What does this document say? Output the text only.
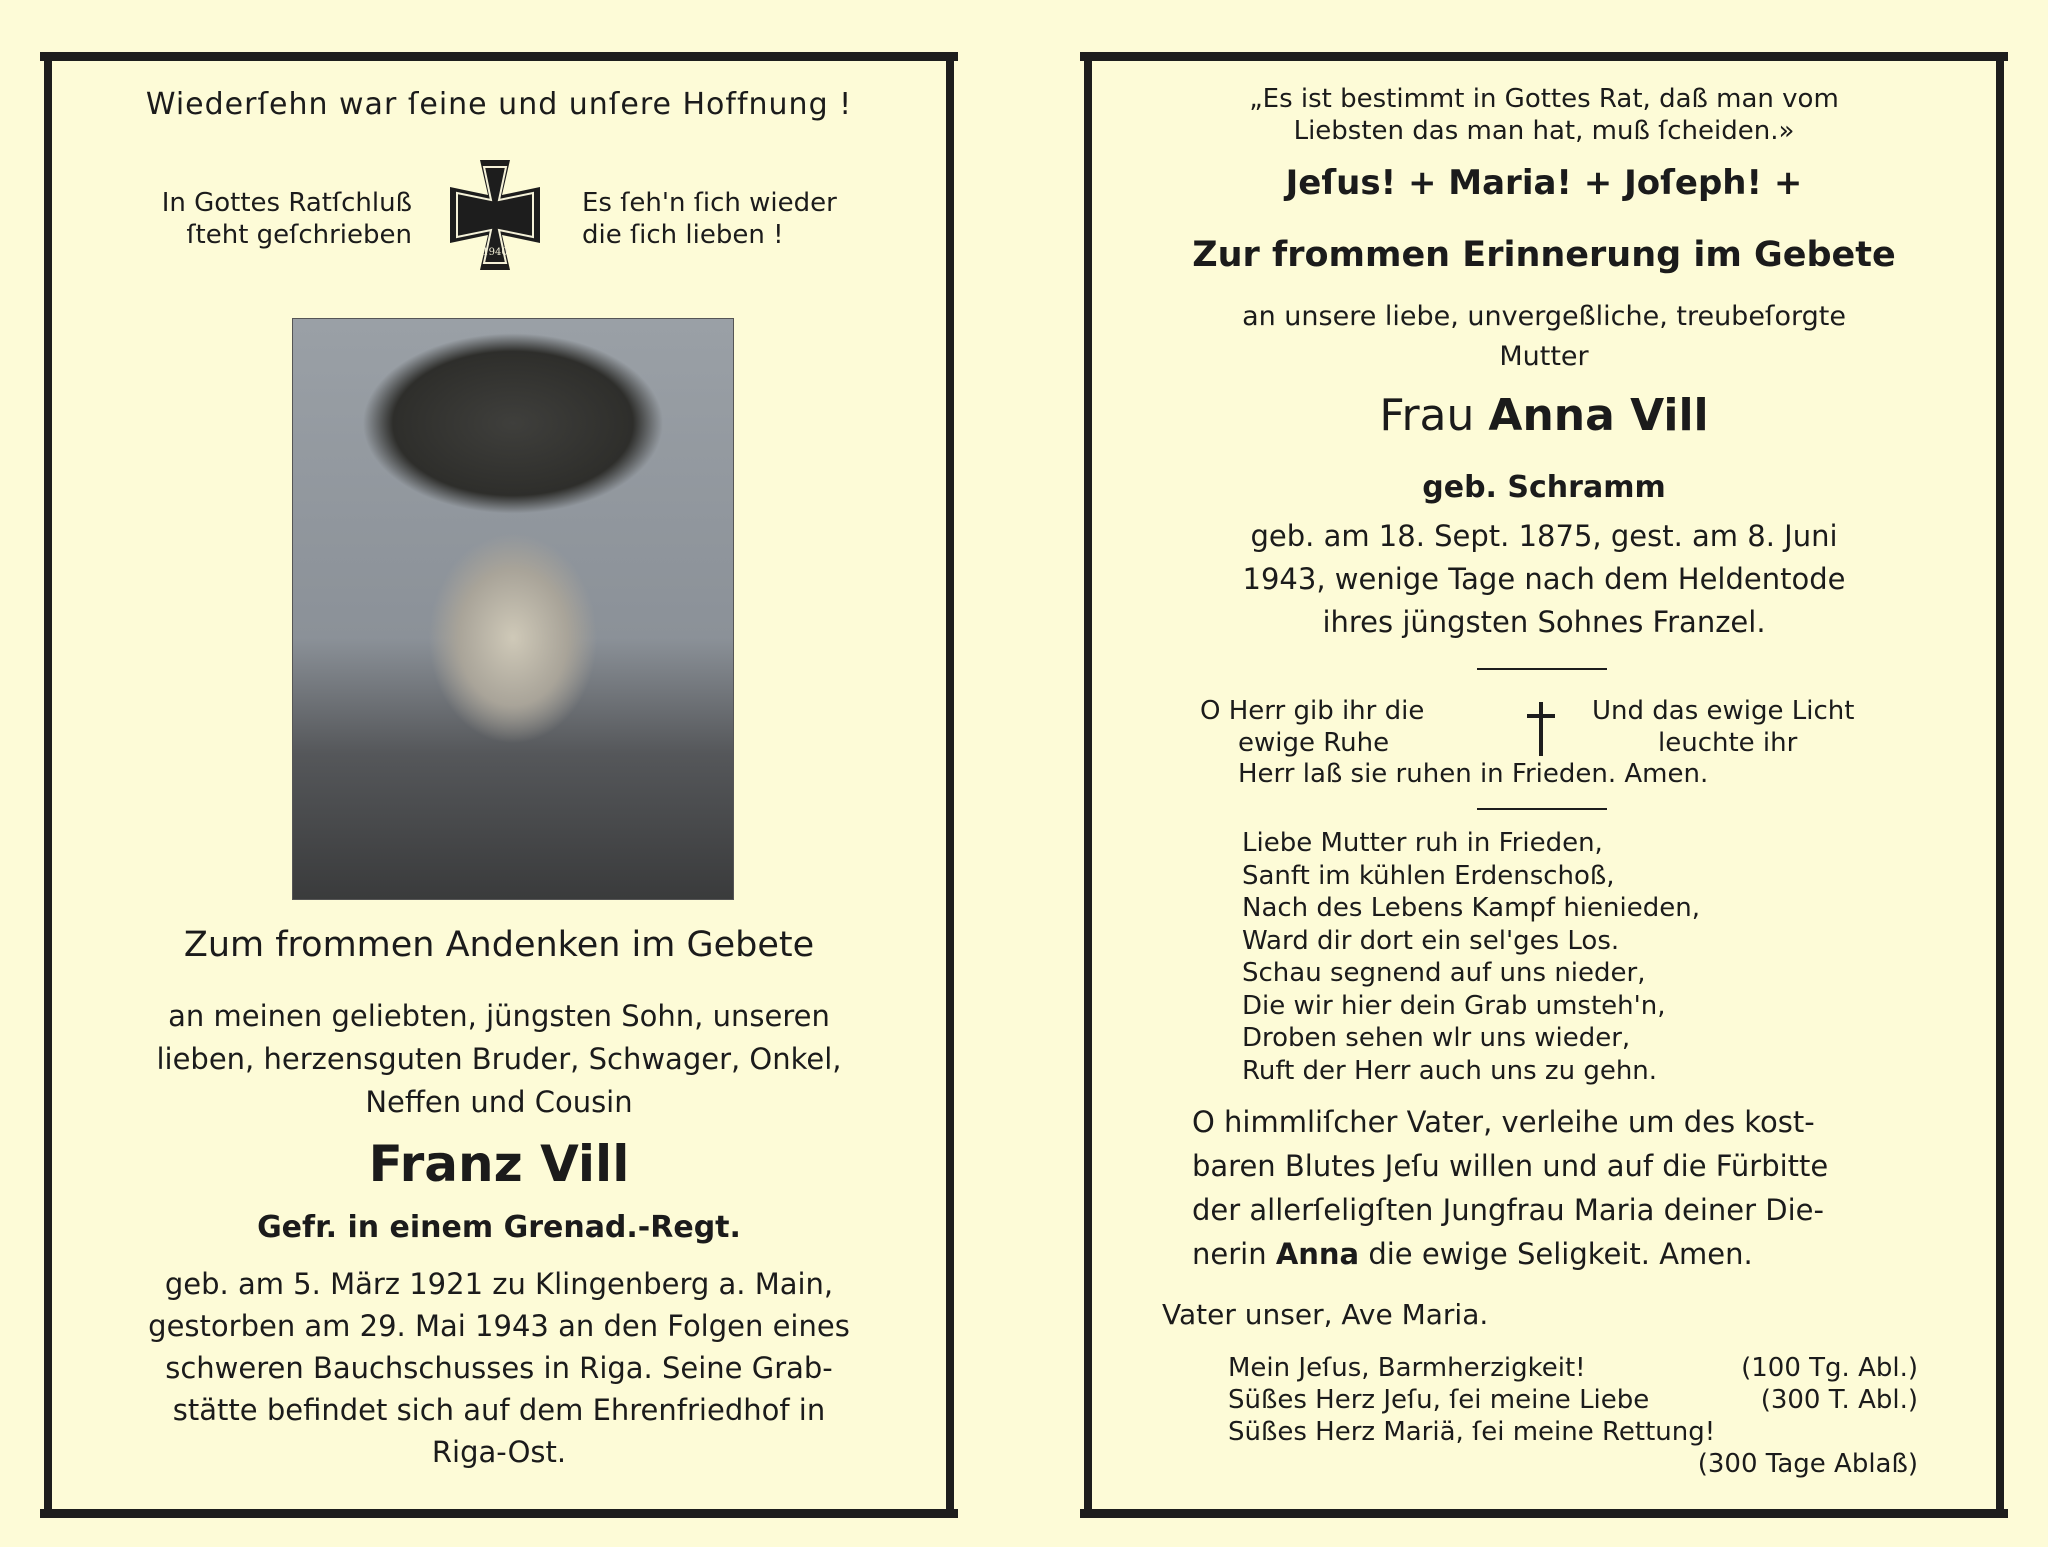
Wiederſehn war ſeine und unſere Hoffnung !
In Gottes Ratſchluß
ſteht geſchrieben
1940
Es ſeh'n ſich wieder
die ſich lieben !
Zum frommen Andenken im Gebete
an meinen geliebten, jüngsten Sohn, unseren
lieben, herzensguten Bruder, Schwager, Onkel,
Neffen und Cousin
Franz Vill
Gefr. in einem Grenad.-Regt.
geb. am 5. März 1921 zu Klingenberg a. Main,
gestorben am 29. Mai 1943 an den Folgen eines
schweren Bauchschusses in Riga. Seine Grab-
stätte befindet sich auf dem Ehrenfriedhof in
Riga-Ost.
„Es ist bestimmt in Gottes Rat, daß man vom
Liebsten das man hat, muß ſcheiden.»
Jeſus! + Maria! + Joſeph! +
Zur frommen Erinnerung im Gebete
an unsere liebe, unvergeßliche, treubeſorgte
Mutter
Frau Anna Vill
geb. Schramm
geb. am 18. Sept. 1875, gest. am 8. Juni
1943, wenige Tage nach dem Heldentode
ihres jüngsten Sohnes Franzel.
O Herr gib ihr die
ewige Ruhe
Und das ewige Licht
leuchte ihr
Herr laß sie ruhen in Frieden. Amen.
Liebe Mutter ruh in Frieden,
Sanft im kühlen Erdenschoß,
Nach des Lebens Kampf hienieden,
Ward dir dort ein sel'ges Los.
Schau segnend auf uns nieder,
Die wir hier dein Grab umsteh'n,
Droben sehen wlr uns wieder,
Ruft der Herr auch uns zu gehn.
O himmliſcher Vater, verleihe um des kost-
baren Blutes Jeſu willen und auf die Fürbitte
der allerſeligſten Jungfrau Maria deiner Die-
nerin Anna die ewige Seligkeit. Amen.
Vater unser, Ave Maria.
Mein Jeſus, Barmherzigkeit!	(100 Tg. Abl.)
Süßes Herz Jeſu, ſei meine Liebe	(300 T. Abl.)
Süßes Herz Mariä, ſei meine Rettung!
(300 Tage Ablaß)
